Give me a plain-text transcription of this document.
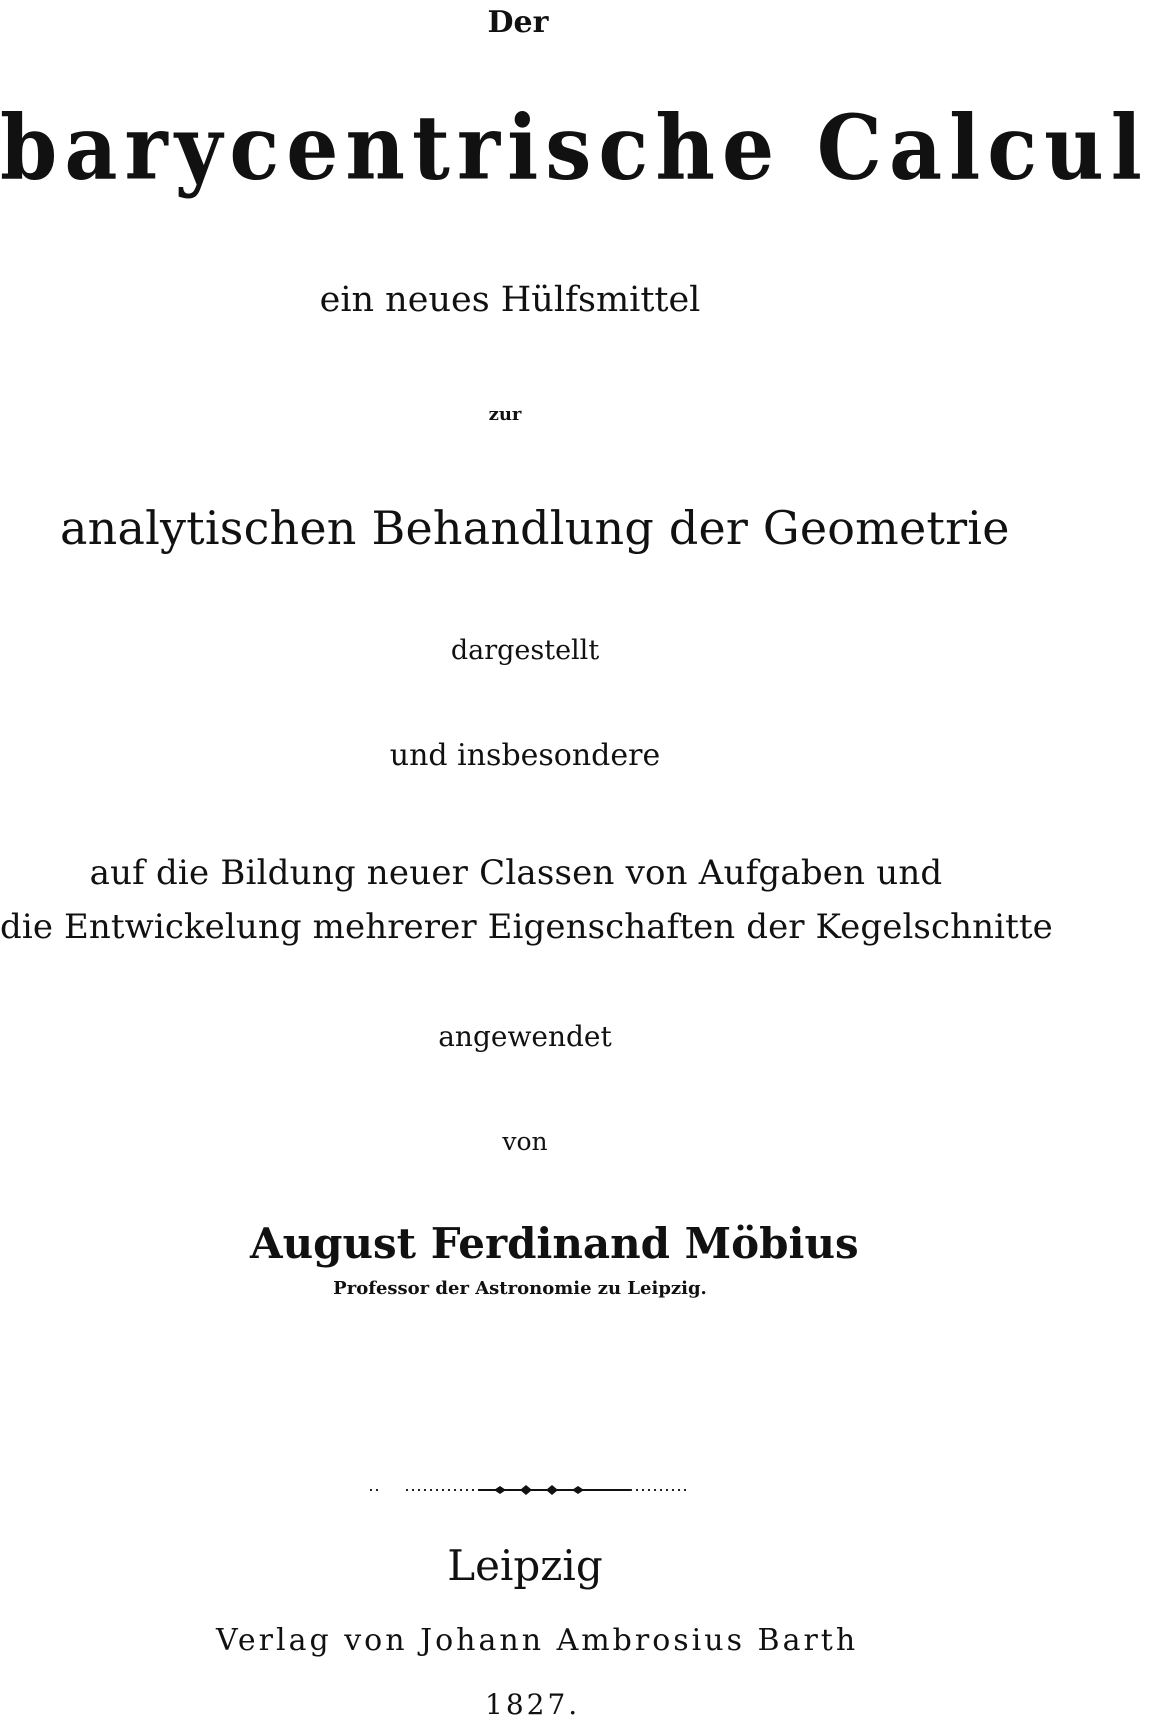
Der

barycentrische Calcul

ein neues Hülfsmittel

zur

analytischen Behandlung der Geometrie

dargestellt

und insbesondere

auf die Bildung neuer Classen von Aufgaben und

die Entwickelung mehrerer Eigenschaften der Kegelschnitte

angewendet

von

August Ferdinand Möbius

Professor der Astronomie zu Leipzig.

Leipzig

Verlag von Johann Ambrosius Barth

1827.
